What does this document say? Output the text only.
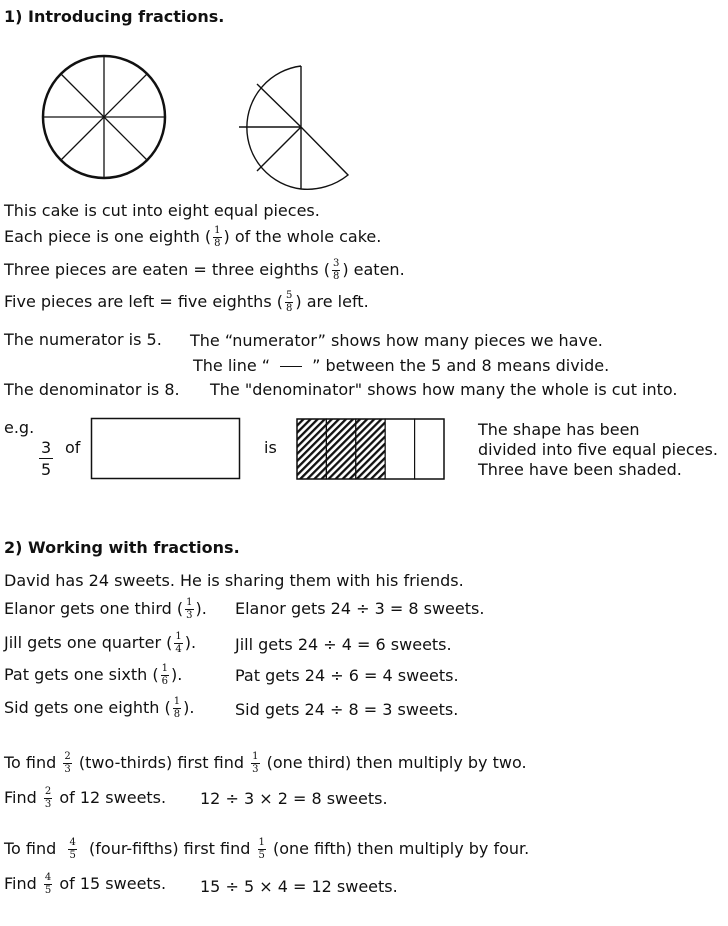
1) Introducing fractions.
This cake is cut into eight equal pieces.
Each piece is one eighth ( $\frac{1}{8}$ ) of the whole cake.
Three pieces are eaten = three eighths ( $\frac{3}{8}$ ) eaten.
Five pieces are left = five eighths ( $\frac{5}{8}$ ) are left.
The numerator is 5. The “numerator” shows how many pieces we have.
The line “	” between the 5 and 8 means divide.
The denominator is 8. The "denominator" shows how many the whole is cut into.
e.g.
3
5
of	is
The shape has been
divided into five equal pieces.
Three have been shaded.
2) Working with fractions.
David has 24 sweets. He is sharing them with his friends.
Elanor gets one third ( $\frac{1}{3}$ ). Elanor gets 24 ÷ 3 = 8 sweets.
Jill gets one quarter ( $\frac{1}{4}$ ). Jill gets 24 ÷ 4 = 6 sweets.
Pat gets one sixth ( $\frac{1}{6}$ ).	Pat gets 24 ÷ 6 = 4 sweets.
Sid gets one eighth ( $\frac{1}{8}$ ).	Sid gets 24 ÷ 8 = 3 sweets.
To find $\frac{2}{3}$ (two-thirds) first find $\frac{1}{3} (one$ third) then multiply by two.
Find $\frac{2}{3}$ of 12 sweets. 12 ÷ 3 × 2 = 8 sweets.
To find $\frac{4}{5}$ (four-fifths) first find $\frac{1}{5} (one$ fifth) then multiply by four.
Find $\frac{4}{5}$ of 15 sweets. 15 ÷ 5 × 4 = 12 sweets.
